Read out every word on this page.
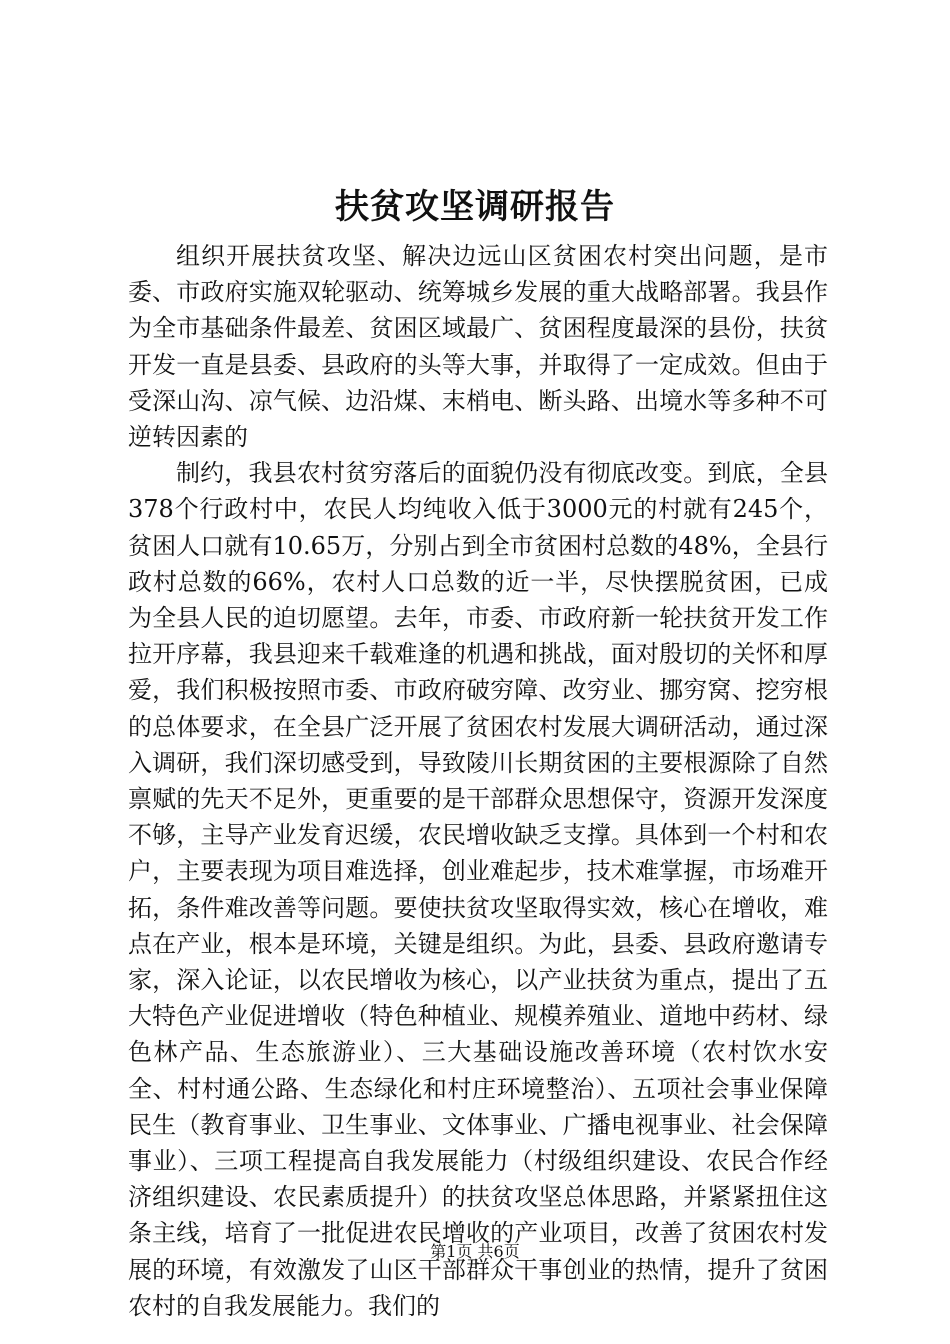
扶贫攻坚调研报告

组织开展扶贫攻坚、解决边远山区贫困农村突出问题，是市委、市政府实施双轮驱动、统筹城乡发展的重大战略部署。我县作为全市基础条件最差、贫困区域最广、贫困程度最深的县份，扶贫开发一直是县委、县政府的头等大事，并取得了一定成效。但由于受深山沟、凉气候、边沿煤、末梢电、断头路、出境水等多种不可逆转因素的

制约，我县农村贫穷落后的面貌仍没有彻底改变。到底，全县378个行政村中，农民人均纯收入低于3000元的村就有245个，贫困人口就有10.65万，分别占到全市贫困村总数的48%，全县行政村总数的66%，农村人口总数的近一半，尽快摆脱贫困，已成为全县人民的迫切愿望。去年，市委、市政府新一轮扶贫开发工作拉开序幕，我县迎来千载难逢的机遇和挑战，面对殷切的关怀和厚爱，我们积极按照市委、市政府破穷障、改穷业、挪穷窝、挖穷根的总体要求，在全县广泛开展了贫困农村发展大调研活动，通过深入调研，我们深切感受到，导致陵川长期贫困的主要根源除了自然禀赋的先天不足外，更重要的是干部群众思想保守，资源开发深度不够，主导产业发育迟缓，农民增收缺乏支撑。具体到一个村和农户，主要表现为项目难选择，创业难起步，技术难掌握，市场难开拓，条件难改善等问题。要使扶贫攻坚取得实效，核心在增收，难点在产业，根本是环境，关键是组织。为此，县委、县政府邀请专家，深入论证，以农民增收为核心，以产业扶贫为重点，提出了五大特色产业促进增收（特色种植业、规模养殖业、道地中药材、绿色林产品、生态旅游业）、三大基础设施改善环境（农村饮水安全、村村通公路、生态绿化和村庄环境整治）、五项社会事业保障民生（教育事业、卫生事业、文体事业、广播电视事业、社会保障事业）、三项工程提高自我发展能力（村级组织建设、农民合作经济组织建设、农民素质提升）的扶贫攻坚总体思路，并紧紧扭住这条主线，培育了一批促进农民增收的产业项目，改善了贫困农村发展的环境，有效激发了山区干部群众干事创业的热情，提升了贫困农村的自我发展能力。我们的

第1页 共6页
